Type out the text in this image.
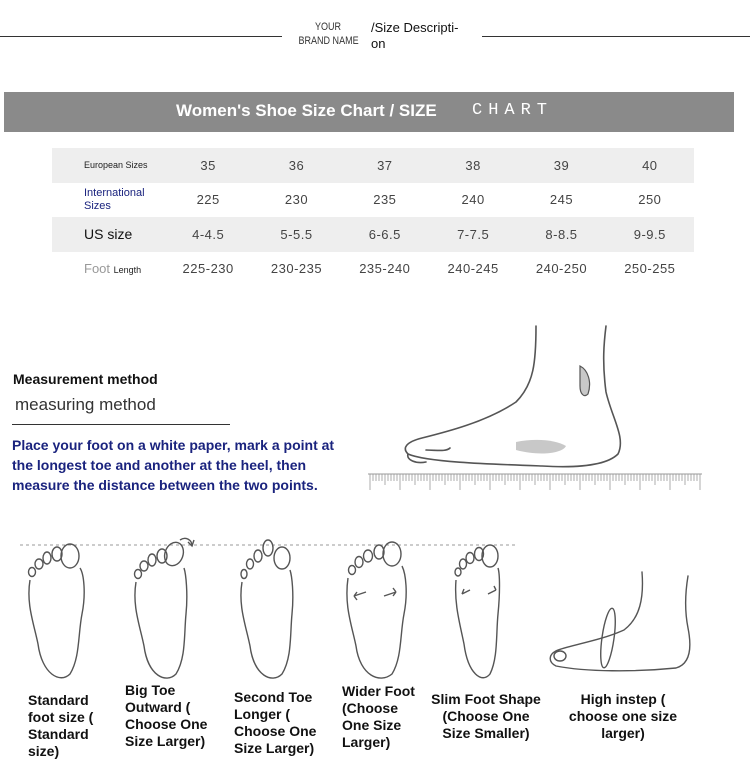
YOUR
BRAND NAME
/Size Descripti-
on
Women's Shoe Size Chart / SIZE CHART
European Sizes	35	36	37	38	39	40

International
Sizes	225	230	235	240	245	250
US size	4-4.5	5-5.5	6-6.5	7-7.5	8-8.5	9-9.5
Foot Length	225-230	230-235	235-240	240-245	240-250	250-255
Measurement method
measuring method
Place your foot on a white paper, mark a point at the longest toe and another at the heel, then measure the distance between the two points.
Standard
foot size (
Standard
size)
Big Toe
Outward (
Choose One
Size Larger)
Second Toe
Longer (
Choose One
Size Larger)
Wider Foot
(Choose
One Size
Larger)
Slim Foot Shape
(Choose One
Size Smaller)
High instep (
choose one size
larger)
